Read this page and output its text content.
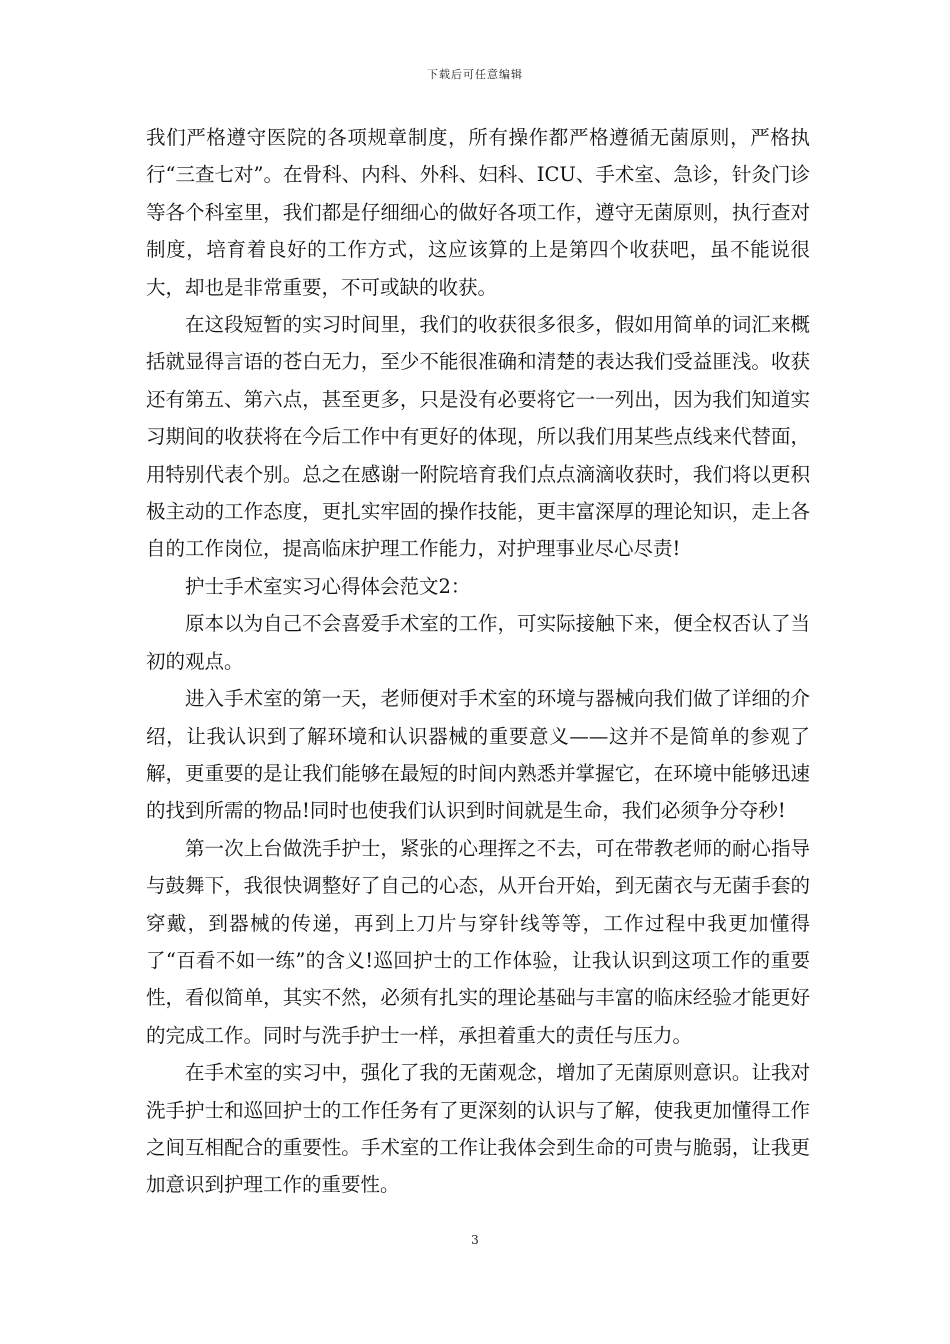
下载后可任意编辑

我们严格遵守医院的各项规章制度，所有操作都严格遵循无菌原则，严格执行“三查七对”。在骨科、内科、外科、妇科、ICU、手术室、急诊，针灸门诊等各个科室里，我们都是仔细细心的做好各项工作，遵守无菌原则，执行查对制度，培育着良好的工作方式，这应该算的上是第四个收获吧，虽不能说很大，却也是非常重要，不可或缺的收获。

在这段短暂的实习时间里，我们的收获很多很多，假如用简单的词汇来概括就显得言语的苍白无力，至少不能很准确和清楚的表达我们受益匪浅。收获还有第五、第六点，甚至更多，只是没有必要将它一一列出，因为我们知道实习期间的收获将在今后工作中有更好的体现，所以我们用某些点线来代替面，用特别代表个别。总之在感谢一附院培育我们点点滴滴收获时，我们将以更积极主动的工作态度，更扎实牢固的操作技能，更丰富深厚的理论知识，走上各自的工作岗位，提高临床护理工作能力，对护理事业尽心尽责!

护士手术室实习心得体会范文2：

原本以为自己不会喜爱手术室的工作，可实际接触下来，便全权否认了当初的观点。

进入手术室的第一天，老师便对手术室的环境与器械向我们做了详细的介绍，让我认识到了解环境和认识器械的重要意义——这并不是简单的参观了解，更重要的是让我们能够在最短的时间内熟悉并掌握它，在环境中能够迅速的找到所需的物品!同时也使我们认识到时间就是生命，我们必须争分夺秒!

第一次上台做洗手护士，紧张的心理挥之不去，可在带教老师的耐心指导与鼓舞下，我很快调整好了自己的心态，从开台开始，到无菌衣与无菌手套的穿戴，到器械的传递，再到上刀片与穿针线等等，工作过程中我更加懂得了“百看不如一练”的含义!巡回护士的工作体验，让我认识到这项工作的重要性，看似简单，其实不然，必须有扎实的理论基础与丰富的临床经验才能更好的完成工作。同时与洗手护士一样，承担着重大的责任与压力。

在手术室的实习中，强化了我的无菌观念，增加了无菌原则意识。让我对洗手护士和巡回护士的工作任务有了更深刻的认识与了解，使我更加懂得工作之间互相配合的重要性。手术室的工作让我体会到生命的可贵与脆弱，让我更加意识到护理工作的重要性。

3
